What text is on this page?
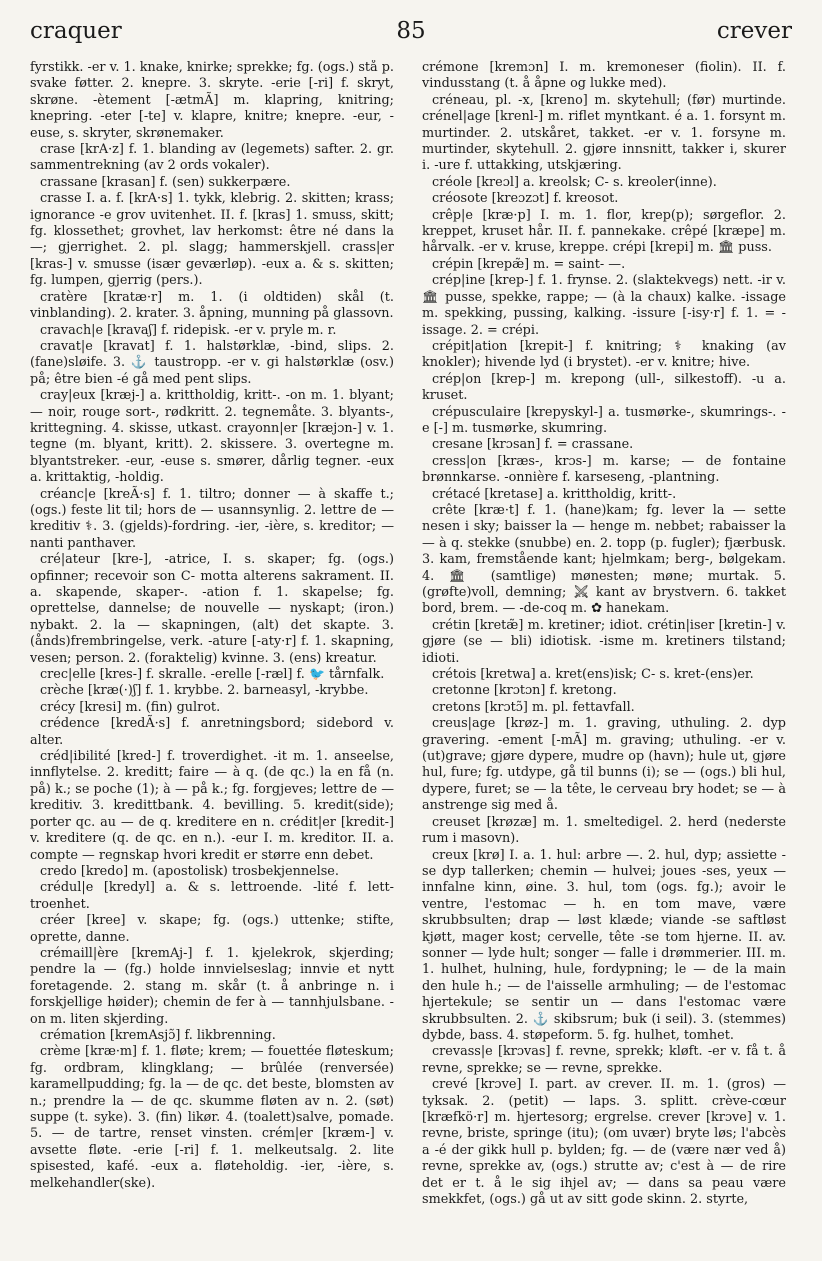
craquer	85	crever

fyrstikk. -er v. 1. knake, knirke; sprekke; fg. (ogs.) stå p. svake føtter. 2. knepre. 3. skryte. -erie [-ri] f. skryt, skrøne. -ètement [-ætmÃ] m. klapring, knitring; knepring. -eter [-te] v. klapre, knitre; knepre. -eur, -euse, s. skryter, skrønemaker.

crase [krA·z] f. 1. blanding av (legemets) safter. 2. gr. sammentrekning (av 2 ords vokaler).

crassane [krasan] f. (sen) sukkerpære.

crasse I. a. f. [krA·s] 1. tykk, klebrig. 2. skitten; krass; ignorance -e grov uvitenhet. II. f. [kras] 1. smuss, skitt; fg. klossethet; grovhet, lav herkomst: être né dans la —; gjerrighet. 2. pl. slagg; hammerskjell. crass|er [kras-] v. smusse (især geværløp). -eux a. & s. skitten; fg. lumpen, gjerrig (pers.).

cratère [kratæ·r] m. 1. (i oldtiden) skål (t. vinblanding). 2. krater. 3. åpning, munning på glassovn.

cravach|e [kravaʃ] f. ridepisk. -er v. pryle m. r.

cravat|e [kravat] f. 1. halstørklæ, -bind, slips. 2. (fane)sløife. 3. ⚓ taustropp. -er v. gi halstørklæ (osv.) på; être bien -é gå med pent slips.

cray|eux [kræj-] a. krittholdig, kritt-. -on m. 1. blyant; — noir, rouge sort-, rødkritt. 2. tegnemåte. 3. blyants-, krittegning. 4. skisse, utkast. crayonn|er [kræjɔn-] v. 1. tegne (m. blyant, kritt). 2. skissere. 3. overtegne m. blyantstreker. -eur, -euse s. smører, dårlig tegner. -eux a. krittaktig, -holdig.

créanc|e [kreÃ·s] f. 1. tiltro; donner — à skaffe t.; (ogs.) feste lit til; hors de — usannsynlig. 2. lettre de — kreditiv ⚕. 3. (gjelds)-fordring. -ier, -ière, s. kreditor; — nanti panthaver.

cré|ateur [kre-], -atrice, I. s. skaper; fg. (ogs.) opfinner; recevoir son C- motta alterens sakrament. II. a. skapende, skaper-. -ation f. 1. skapelse; fg. oprettelse, dannelse; de nouvelle — nyskapt; (iron.) nybakt. 2. la — skapningen, (alt) det skapte. 3. (ånds)frembringelse, verk. -ature [-aty·r] f. 1. skapning, vesen; person. 2. (foraktelig) kvinne. 3. (ens) kreatur.

crec|elle [kres-] f. skralle. -erelle [-ræl] f. 🐦 tårnfalk.

crèche [kræ(·)ʃ] f. 1. krybbe. 2. barneasyl, -krybbe.

crécy [kresi] m. (fin) gulrot.

crédence [kredÃ·s] f. anretningsbord; sidebord v. alter.

créd|ibilité [kred-] f. troverdighet. -it m. 1. anseelse, innflytelse. 2. kreditt; faire — à q. (de qc.) la en få (n. på) k.; se poche (1); à — på k.; fg. forgjeves; lettre de — kreditiv. 3. kredittbank. 4. bevilling. 5. kredit(side); porter qc. au — de q. kreditere en n. crédit|er [kredit-] v. kreditere (q. de qc. en n.). -eur I. m. kreditor. II. a. compte — regnskap hvori kredit er større enn debet.

credo [kredo] m. (apostolisk) trosbekjennelse.

crédul|e [kredyl] a. & s. lettroende. -lité f. lett-troenhet.

créer [kree] v. skape; fg. (ogs.) uttenke; stifte, oprette, danne.

crémaill|ère [kremAj-] f. 1. kjelekrok, skjerding; pendre la — (fg.) holde innvielseslag; innvie et nytt foretagende. 2. stang m. skår (t. å anbringe n. i forskjellige høider); chemin de fer à — tannhjulsbane. -on m. liten skjerding.

crémation [kremAsjɔ̃] f. likbrenning.

crème [kræ·m] f. 1. fløte; krem; — fouettée fløteskum; fg. ordbram, klingklang; — brûlée (renversée) karamellpudding; fg. la — de qc. det beste, blomsten av n.; prendre la — de qc. skumme fløten av n. 2. (søt) suppe (t. syke). 3. (fin) likør. 4. (toalett)salve, pomade. 5. — de tartre, renset vinsten. crém|er [kræm-] v. avsette fløte. -erie [-ri] f. 1. melkeutsalg. 2. lite spisested, kafé. -eux a. fløteholdig. -ier, -ière, s. melkehandler(ske).

crémone [kremɔn] I. m. kremoneser (fiolin). II. f. vindusstang (t. å åpne og lukke med).

créneau, pl. -x, [kreno] m. skytehull; (før) murtinde. crénel|age [krenl-] m. riflet myntkant. é a. 1. forsynt m. murtinder. 2. utskåret, takket. -er v. 1. forsyne m. murtinder, skytehull. 2. gjøre innsnitt, takker i, skurer i. -ure f. uttakking, utskjæring.

créole [kreɔl] a. kreolsk; C- s. kreoler(inne).

créosote [kreɔzɔt] f. kreosot.

crêp|e [kræ·p] I. m. 1. flor, krep(p); sørgeflor. 2. kreppet, kruset hår. II. f. pannekake. crêpé [kræpe] m. hårvalk. -er v. kruse, kreppe. crépi [krepi] m. 🏛 puss.

crépin [krepæ̃] m. = saint- —.

crép|ine [krep-] f. 1. frynse. 2. (slaktekvegs) nett. -ir v. 🏛 pusse, spekke, rappe; — (à la chaux) kalke. -issage m. spekking, pussing, kalking. -issure [-isy·r] f. 1. = -issage. 2. = crépi.

crépit|ation [krepit-] f. knitring; ⚕ knaking (av knokler); hivende lyd (i brystet). -er v. knitre; hive.

crép|on [krep-] m. krepong (ull-, silkestoff). -u a. kruset.

crépusculaire [krepyskyl-] a. tusmørke-, skumrings-. -e [-] m. tusmørke, skumring.

cresane [krɔsan] f. = crassane.

cress|on [kræs-, krɔs-] m. karse; — de fontaine brønnkarse. -onnière f. karseseng, -plantning.

crétacé [kretase] a. krittholdig, kritt-.

crête [kræ·t] f. 1. (hane)kam; fg. lever la — sette nesen i sky; baisser la — henge m. nebbet; rabaisser la — à q. stekke (snubbe) en. 2. topp (p. fugler); fjærbusk. 3. kam, fremstående kant; hjelmkam; berg-, bølgekam. 4. 🏛 (samtlige) mønesten; møne; murtak. 5. (grøfte)voll, demning; ⚔ kant av brystvern. 6. takket bord, brem. — -de-coq m. ✿ hanekam.

crétin [kretæ̃] m. kretiner; idiot. crétin|iser [kretin-] v. gjøre (se — bli) idiotisk. -isme m. kretiners tilstand; idioti.

crétois [kretwa] a. kret(ens)isk; C- s. kret-(ens)er.

cretonne [krɔtɔn] f. kretong.

cretons [krɔtɔ̃] m. pl. fettavfall.

creus|age [krøz-] m. 1. graving, uthuling. 2. dyp gravering. -ement [-mÃ] m. graving; uthuling. -er v. (ut)grave; gjøre dypere, mudre op (havn); hule ut, gjøre hul, fure; fg. utdype, gå til bunns (i); se — (ogs.) bli hul, dypere, furet; se — la tête, le cerveau bry hodet; se — à anstrenge sig med å.

creuset [krøzæ] m. 1. smeltedigel. 2. herd (nederste rum i masovn).

creux [krø] I. a. 1. hul: arbre —. 2. hul, dyp; assiette -se dyp tallerken; chemin — hulvei; joues -ses, yeux — innfalne kinn, øine. 3. hul, tom (ogs. fg.); avoir le ventre, l'estomac — h. en tom mave, være skrubbsulten; drap — løst klæde; viande -se saftløst kjøtt, mager kost; cervelle, tête -se tom hjerne. II. av. sonner — lyde hult; songer — falle i drømmerier. III. m. 1. hulhet, hulning, hule, fordypning; le — de la main den hule h.; — de l'aisselle armhuling; — de l'estomac hjertekule; se sentir un — dans l'estomac være skrubbsulten. 2. ⚓ skibsrum; buk (i seil). 3. (stemmes) dybde, bass. 4. støpeform. 5. fg. hulhet, tomhet.

crevass|e [krɔvas] f. revne, sprekk; kløft. -er v. få t. å revne, sprekke; se — revne, sprekke.

crevé [krɔve] I. part. av crever. II. m. 1. (gros) — tyksak. 2. (petit) — laps. 3. splitt. crève-cœur [kræfkö·r] m. hjertesorg; ergrelse. crever [krɔve] v. 1. revne, briste, springe (itu); (om uvær) bryte løs; l'abcès a -é der gikk hull p. bylden; fg. — de (være nær ved å) revne, sprekke av, (ogs.) strutte av; c'est à — de rire det er t. å le sig ihjel av; — dans sa peau være smekkfet, (ogs.) gå ut av sitt gode skinn. 2. styrte,
